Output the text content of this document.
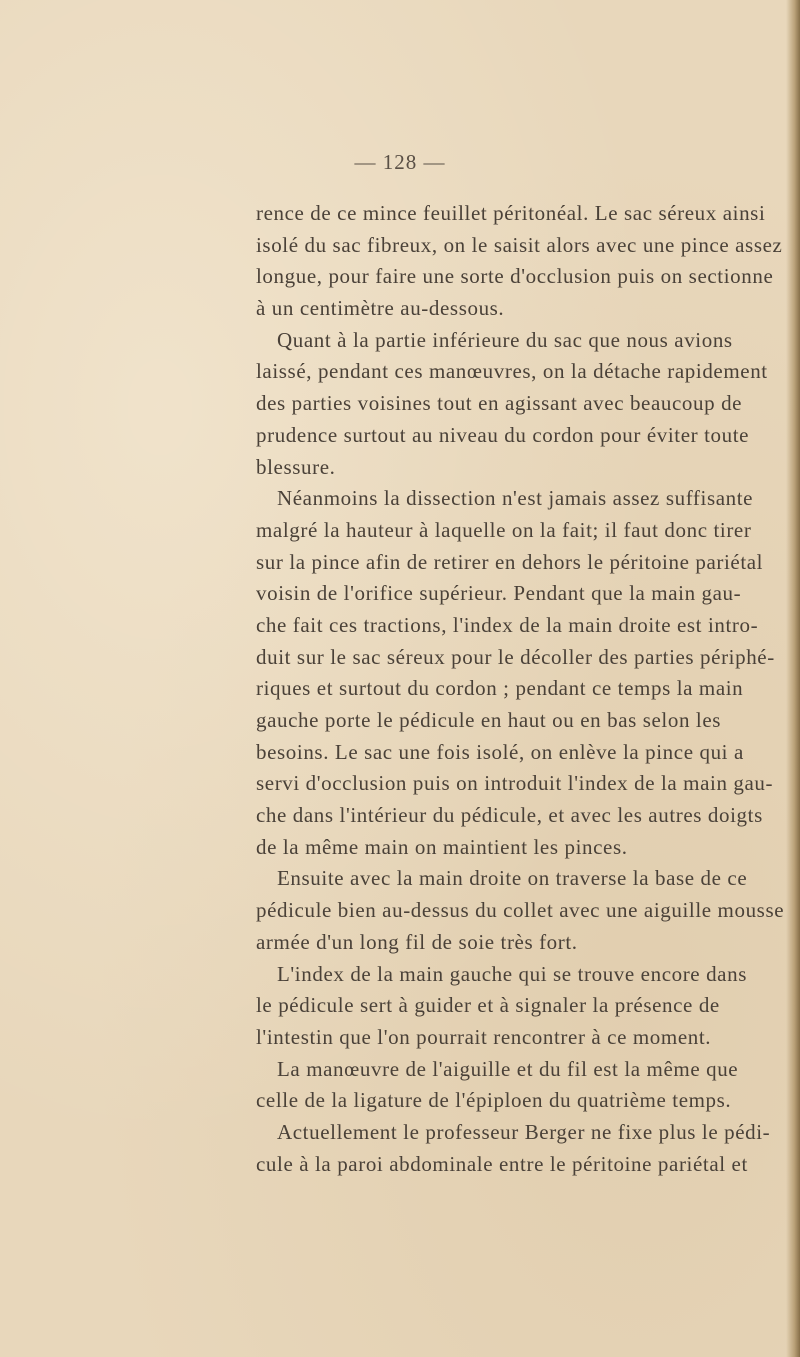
— 128 —
rence de ce mince feuillet péritonéal. Le sac séreux ainsi
isolé du sac fibreux, on le saisit alors avec une pince assez
longue, pour faire une sorte d'occlusion puis on sectionne
à un centimètre au-dessous.
Quant à la partie inférieure du sac que nous avions
laissé, pendant ces manœuvres, on la détache rapidement
des parties voisines tout en agissant avec beaucoup de
prudence surtout au niveau du cordon pour éviter toute
blessure.
Néanmoins la dissection n'est jamais assez suffisante
malgré la hauteur à laquelle on la fait; il faut donc tirer
sur la pince afin de retirer en dehors le péritoine pariétal
voisin de l'orifice supérieur. Pendant que la main gau-
che fait ces tractions, l'index de la main droite est intro-
duit sur le sac séreux pour le décoller des parties périphé-
riques et surtout du cordon ; pendant ce temps la main
gauche porte le pédicule en haut ou en bas selon les
besoins. Le sac une fois isolé, on enlève la pince qui a
servi d'occlusion puis on introduit l'index de la main gau-
che dans l'intérieur du pédicule, et avec les autres doigts
de la même main on maintient les pinces.
Ensuite avec la main droite on traverse la base de ce
pédicule bien au-dessus du collet avec une aiguille mousse
armée d'un long fil de soie très fort.
L'index de la main gauche qui se trouve encore dans
le pédicule sert à guider et à signaler la présence de
l'intestin que l'on pourrait rencontrer à ce moment.
La manœuvre de l'aiguille et du fil est la même que
celle de la ligature de l'épiploen du quatrième temps.
Actuellement le professeur Berger ne fixe plus le pédi-
cule à la paroi abdominale entre le péritoine pariétal et
